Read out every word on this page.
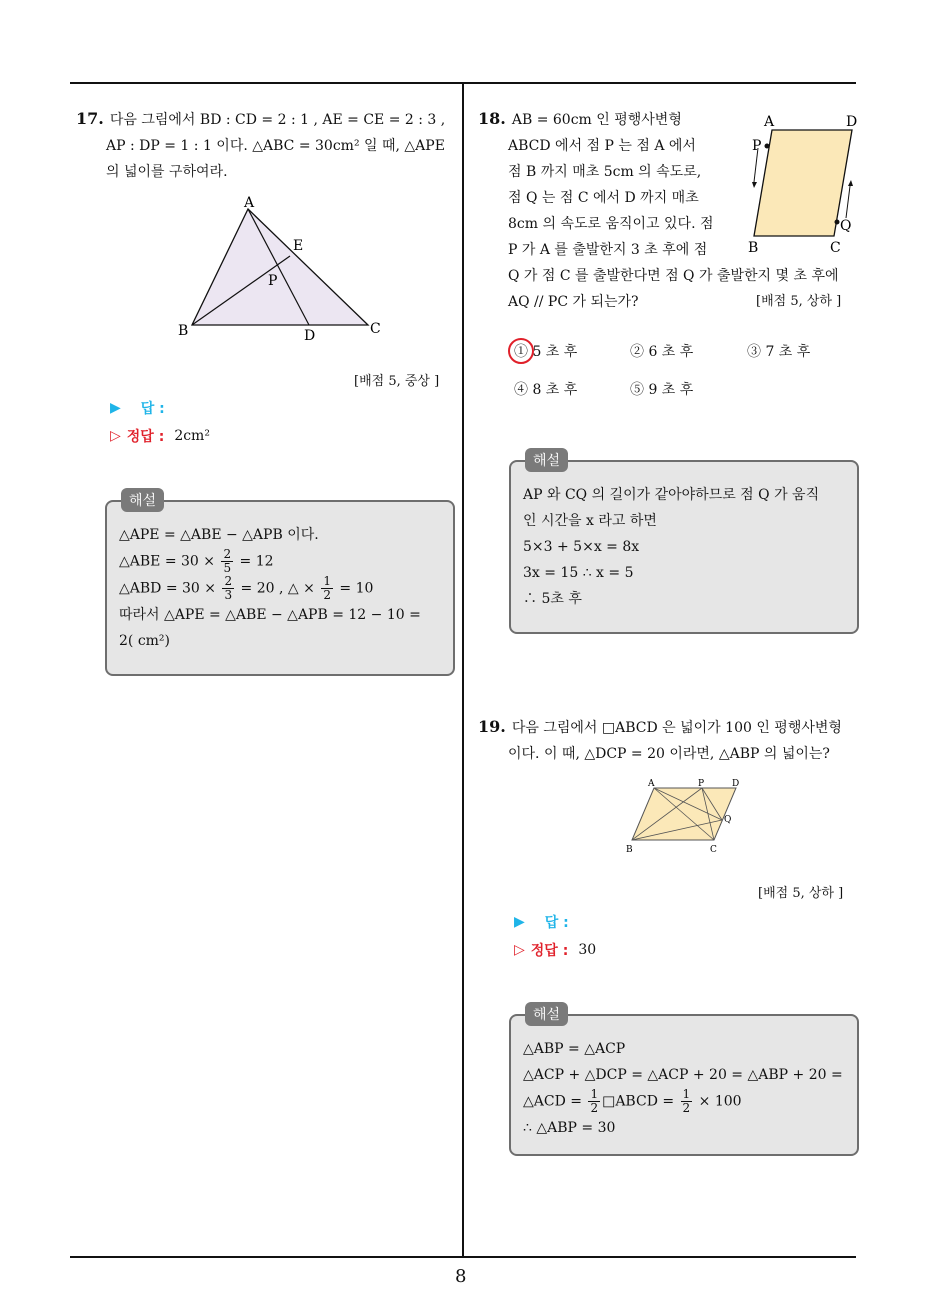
8
17. 다음 그림에서 BD : CD = 2 : 1 , AE = CE = 2 : 3 ,
AP : DP = 1 : 1 이다. △ABC = 30cm² 일 때, △APE
의 넓이를 구하여라.
A
E
P
B	D	C
[배점 5, 중상 ]
▶ 답 :
▷ 정답 : 2cm²
해설
△APE = △ABE − △APB 이다.
△ABE = $30 \times \frac{2}{5} = 12$
△ABD = $30 \times \frac{2}{3} = 20$ , △ × $\frac{1}{2} = 10$
따라서 △APE = △ABE − △APB = 12 − 10 =
2( cm²)
18. AB = 60cm 인 평행사변형
ABCD 에서 점 P 는 점 A 에서
점 B 까지 매초 5cm 의 속도로,
점 Q 는 점 C 에서 D 까지 매초
8cm 의 속도로 움직이고 있다. 점
P 가 A 를 출발한지 3 초 후에 점
Q 가 점 C 를 출발한다면 점 Q 가 출발한지 몇 초 후에
AQ // PC 가 되는가?	[배점 5, 상하 ]
A	D
P
Q
B	C
① 5 초 후	② 6 초 후	③ 7 초 후
④ 8 초 후	⑤ 9 초 후
해설
AP 와 CQ 의 길이가 같아야하므로 점 Q 가 움직
인 시간을 x 라고 하면
5×3 + 5×x = 8x
3x = 15 ∴ x = 5
∴ 5초 후
19. 다음 그림에서 □ABCD 은 넓이가 100 인 평행사변형
이다. 이 때, △DCP = 20 이라면, △ABP 의 넓이는?
A	P	D
Q
B	C
[배점 5, 상하 ]
▶ 답 :
▷ 정답 : 30
해설
△ABP = △ACP
△ACP + △DCP = △ACP + 20 = △ABP + 20 =
△ACD = $\frac{1}{2}$ □ABCD = $\frac{1}{2} \times 100$
∴ △ABP = 30
